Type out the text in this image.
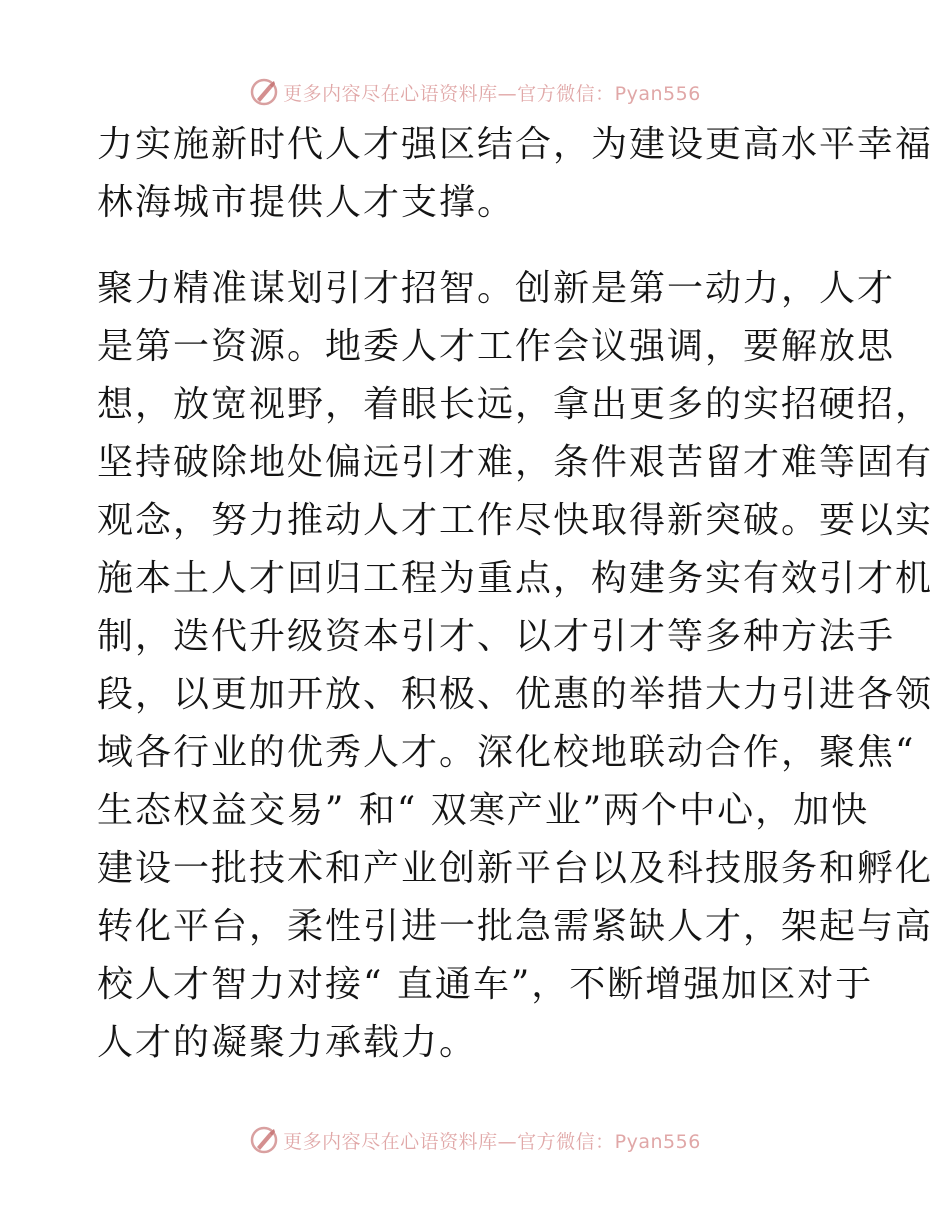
更多内容尽在心语资料库—官方微信：Pyan556
力实施新时代人才强区结合，为建设更高水平幸福
林海城市提供人才支撑。
聚力精准谋划引才招智。创新是第一动力，人才
是第一资源。地委人才工作会议强调，要解放思
想，放宽视野，着眼长远，拿出更多的实招硬招，
坚持破除地处偏远引才难，条件艰苦留才难等固有
观念，努力推动人才工作尽快取得新突破。要以实
施本土人才回归工程为重点，构建务实有效引才机
制，迭代升级资本引才、以才引才等多种方法手
段，以更加开放、积极、优惠的举措大力引进各领
域各行业的优秀人才。深化校地联动合作，聚焦“
生态权益交易” 和“ 双寒产业”两个中心，加快
建设一批技术和产业创新平台以及科技服务和孵化
转化平台，柔性引进一批急需紧缺人才，架起与高
校人才智力对接“ 直通车”，不断增强加区对于
人才的凝聚力承载力。
更多内容尽在心语资料库—官方微信：Pyan556
